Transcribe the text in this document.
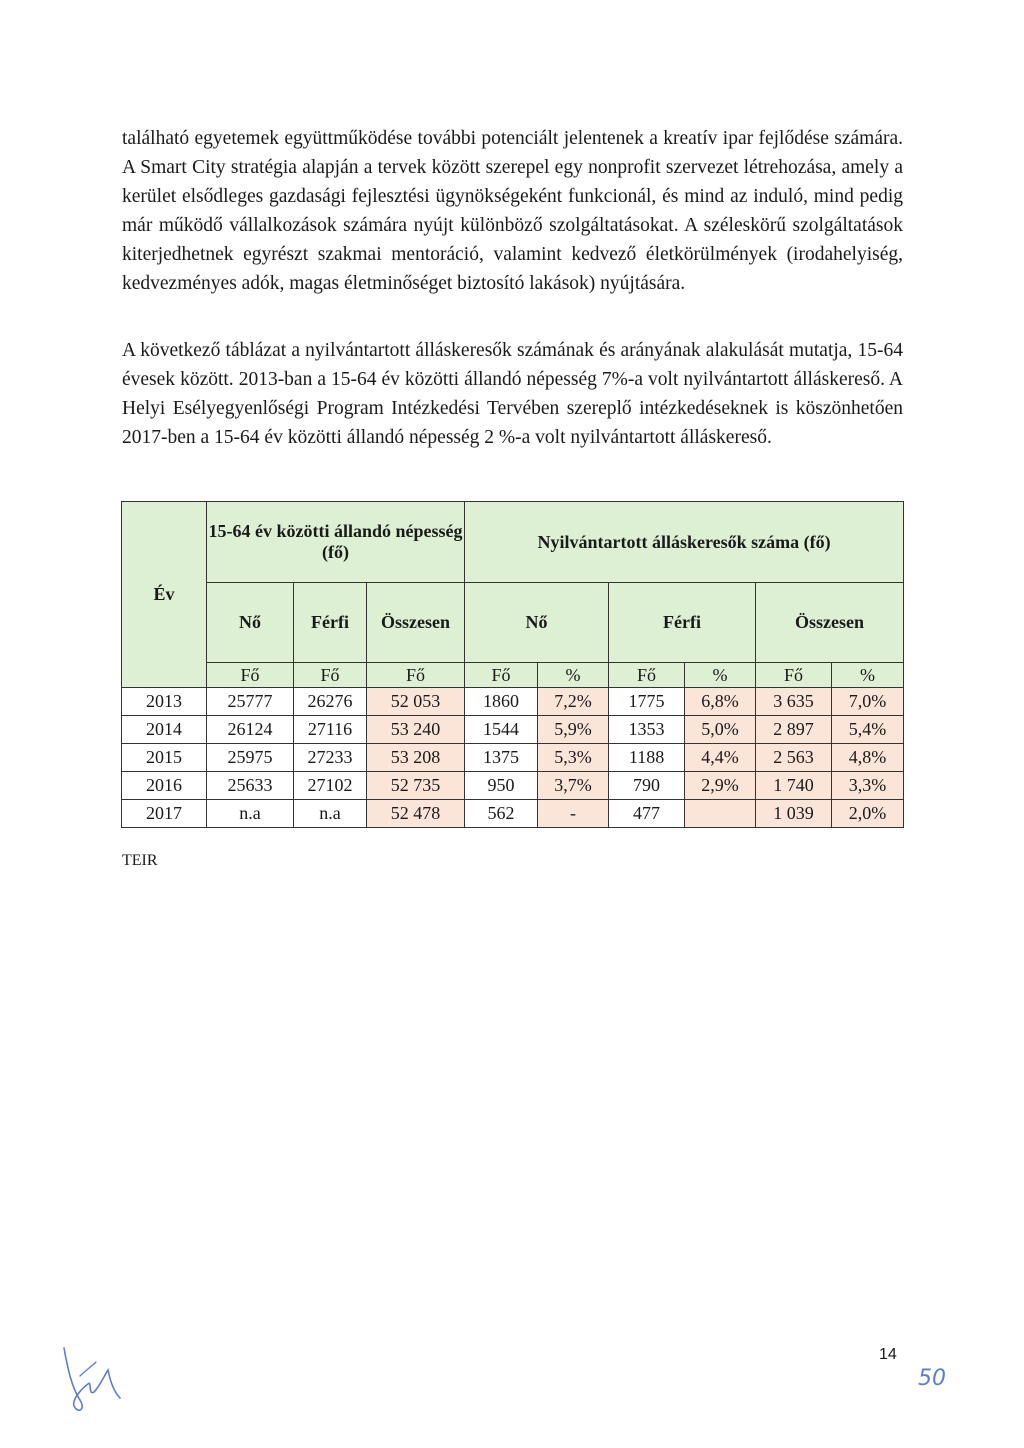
található egyetemek együttműködése további potenciált jelentenek a kreatív ipar fejlődése számára. A Smart City stratégia alapján a tervek között szerepel egy nonprofit szervezet létrehozása, amely a kerület elsődleges gazdasági fejlesztési ügynökségeként funkcionál, és mind az induló, mind pedig már működő vállalkozások számára nyújt különböző szolgáltatásokat. A széleskörű szolgáltatások kiterjedhetnek egyrészt szakmai mentoráció, valamint kedvező életkörülmények (irodahelyiség, kedvezményes adók, magas életminőséget biztosító lakások) nyújtására.

A következő táblázat a nyilvántartott álláskeresők számának és arányának alakulását mutatja, 15-64 évesek között. 2013-ban a 15-64 év közötti állandó népesség 7%-a volt nyilvántartott álláskereső. A Helyi Esélyegyenlőségi Program Intézkedési Tervében szereplő intézkedéseknek is köszönhetően 2017-ben a 15-64 év közötti állandó népesség 2 %-a volt nyilvántartott álláskereső.

Év	15-64 év közötti állandó népesség (fő)			Nyilvántartott álláskeresők száma (fő)					
	Nő	Férfi	Összesen	Nő		Férfi		Összesen	
	Fő	Fő	Fő	Fő	%	Fő	%	Fő	%
2013	25777	26276	52 053	1860	7,2%	1775	6,8%	3 635	7,0%
2014	26124	27116	53 240	1544	5,9%	1353	5,0%	2 897	5,4%
2015	25975	27233	53 208	1375	5,3%	1188	4,4%	2 563	4,8%
2016	25633	27102	52 735	950	3,7%	790	2,9%	1 740	3,3%
2017	n.a	n.a	52 478	562	-	477		1 039	2,0%

TEIR

14
50
